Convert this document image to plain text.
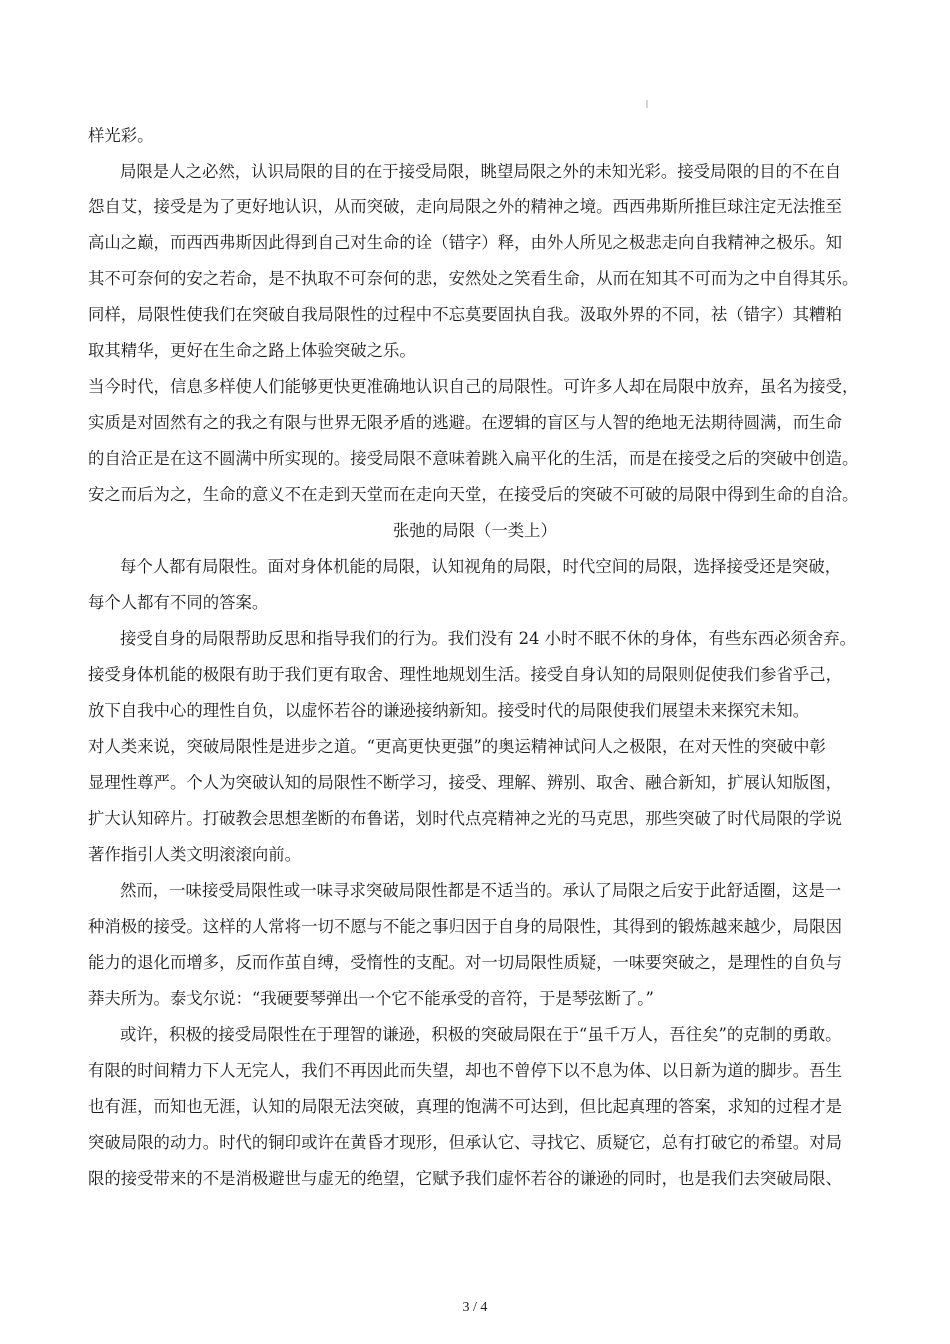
样光彩。
局限是人之必然，认识局限的目的在于接受局限，眺望局限之外的未知光彩。接受局限的目的不在自
怨自艾，接受是为了更好地认识，从而突破，走向局限之外的精神之境。西西弗斯所推巨球注定无法推至
高山之巅，而西西弗斯因此得到自己对生命的诠（错字）释，由外人所见之极悲走向自我精神之极乐。知
其不可奈何的安之若命，是不执取不可奈何的悲，安然处之笑看生命，从而在知其不可而为之中自得其乐。
同样，局限性使我们在突破自我局限性的过程中不忘莫要固执自我。汲取外界的不同，祛（错字）其糟粕
取其精华，更好在生命之路上体验突破之乐。
当今时代，信息多样使人们能够更快更准确地认识自己的局限性。可许多人却在局限中放弃，虽名为接受，
实质是对固然有之的我之有限与世界无限矛盾的逃避。在逻辑的盲区与人智的绝地无法期待圆满，而生命
的自洽正是在这不圆满中所实现的。接受局限不意味着跳入扁平化的生活，而是在接受之后的突破中创造。
安之而后为之，生命的意义不在走到天堂而在走向天堂，在接受后的突破不可破的局限中得到生命的自洽。
张弛的局限（一类上）
每个人都有局限性。面对身体机能的局限，认知视角的局限，时代空间的局限，选择接受还是突破，
每个人都有不同的答案。
接受自身的局限帮助反思和指导我们的行为。我们没有 24 小时不眠不休的身体，有些东西必须舍弃。
接受身体机能的极限有助于我们更有取舍、理性地规划生活。接受自身认知的局限则促使我们参省乎己，
放下自我中心的理性自负，以虚怀若谷的谦逊接纳新知。接受时代的局限使我们展望未来探究未知。
对人类来说，突破局限性是进步之道。“更高更快更强”的奥运精神试问人之极限，在对天性的突破中彰
显理性尊严。个人为突破认知的局限性不断学习，接受、理解、辨别、取舍、融合新知，扩展认知版图，
扩大认知碎片。打破教会思想垄断的布鲁诺，划时代点亮精神之光的马克思，那些突破了时代局限的学说
著作指引人类文明滚滚向前。
然而，一味接受局限性或一味寻求突破局限性都是不适当的。承认了局限之后安于此舒适圈，这是一
种消极的接受。这样的人常将一切不愿与不能之事归因于自身的局限性，其得到的锻炼越来越少，局限因
能力的退化而增多，反而作茧自缚，受惰性的支配。对一切局限性质疑，一味要突破之，是理性的自负与
莽夫所为。泰戈尔说：“我硬要琴弹出一个它不能承受的音符，于是琴弦断了。”
或许，积极的接受局限性在于理智的谦逊，积极的突破局限在于“虽千万人，吾往矣”的克制的勇敢。
有限的时间精力下人无完人，我们不再因此而失望，却也不曾停下以不息为体、以日新为道的脚步。吾生
也有涯，而知也无涯，认知的局限无法突破，真理的饱满不可达到，但比起真理的答案，求知的过程才是
突破局限的动力。时代的铜印或许在黄昏才现形，但承认它、寻找它、质疑它，总有打破它的希望。对局
限的接受带来的不是消极避世与虚无的绝望，它赋予我们虚怀若谷的谦逊的同时，也是我们去突破局限、
3 / 4
